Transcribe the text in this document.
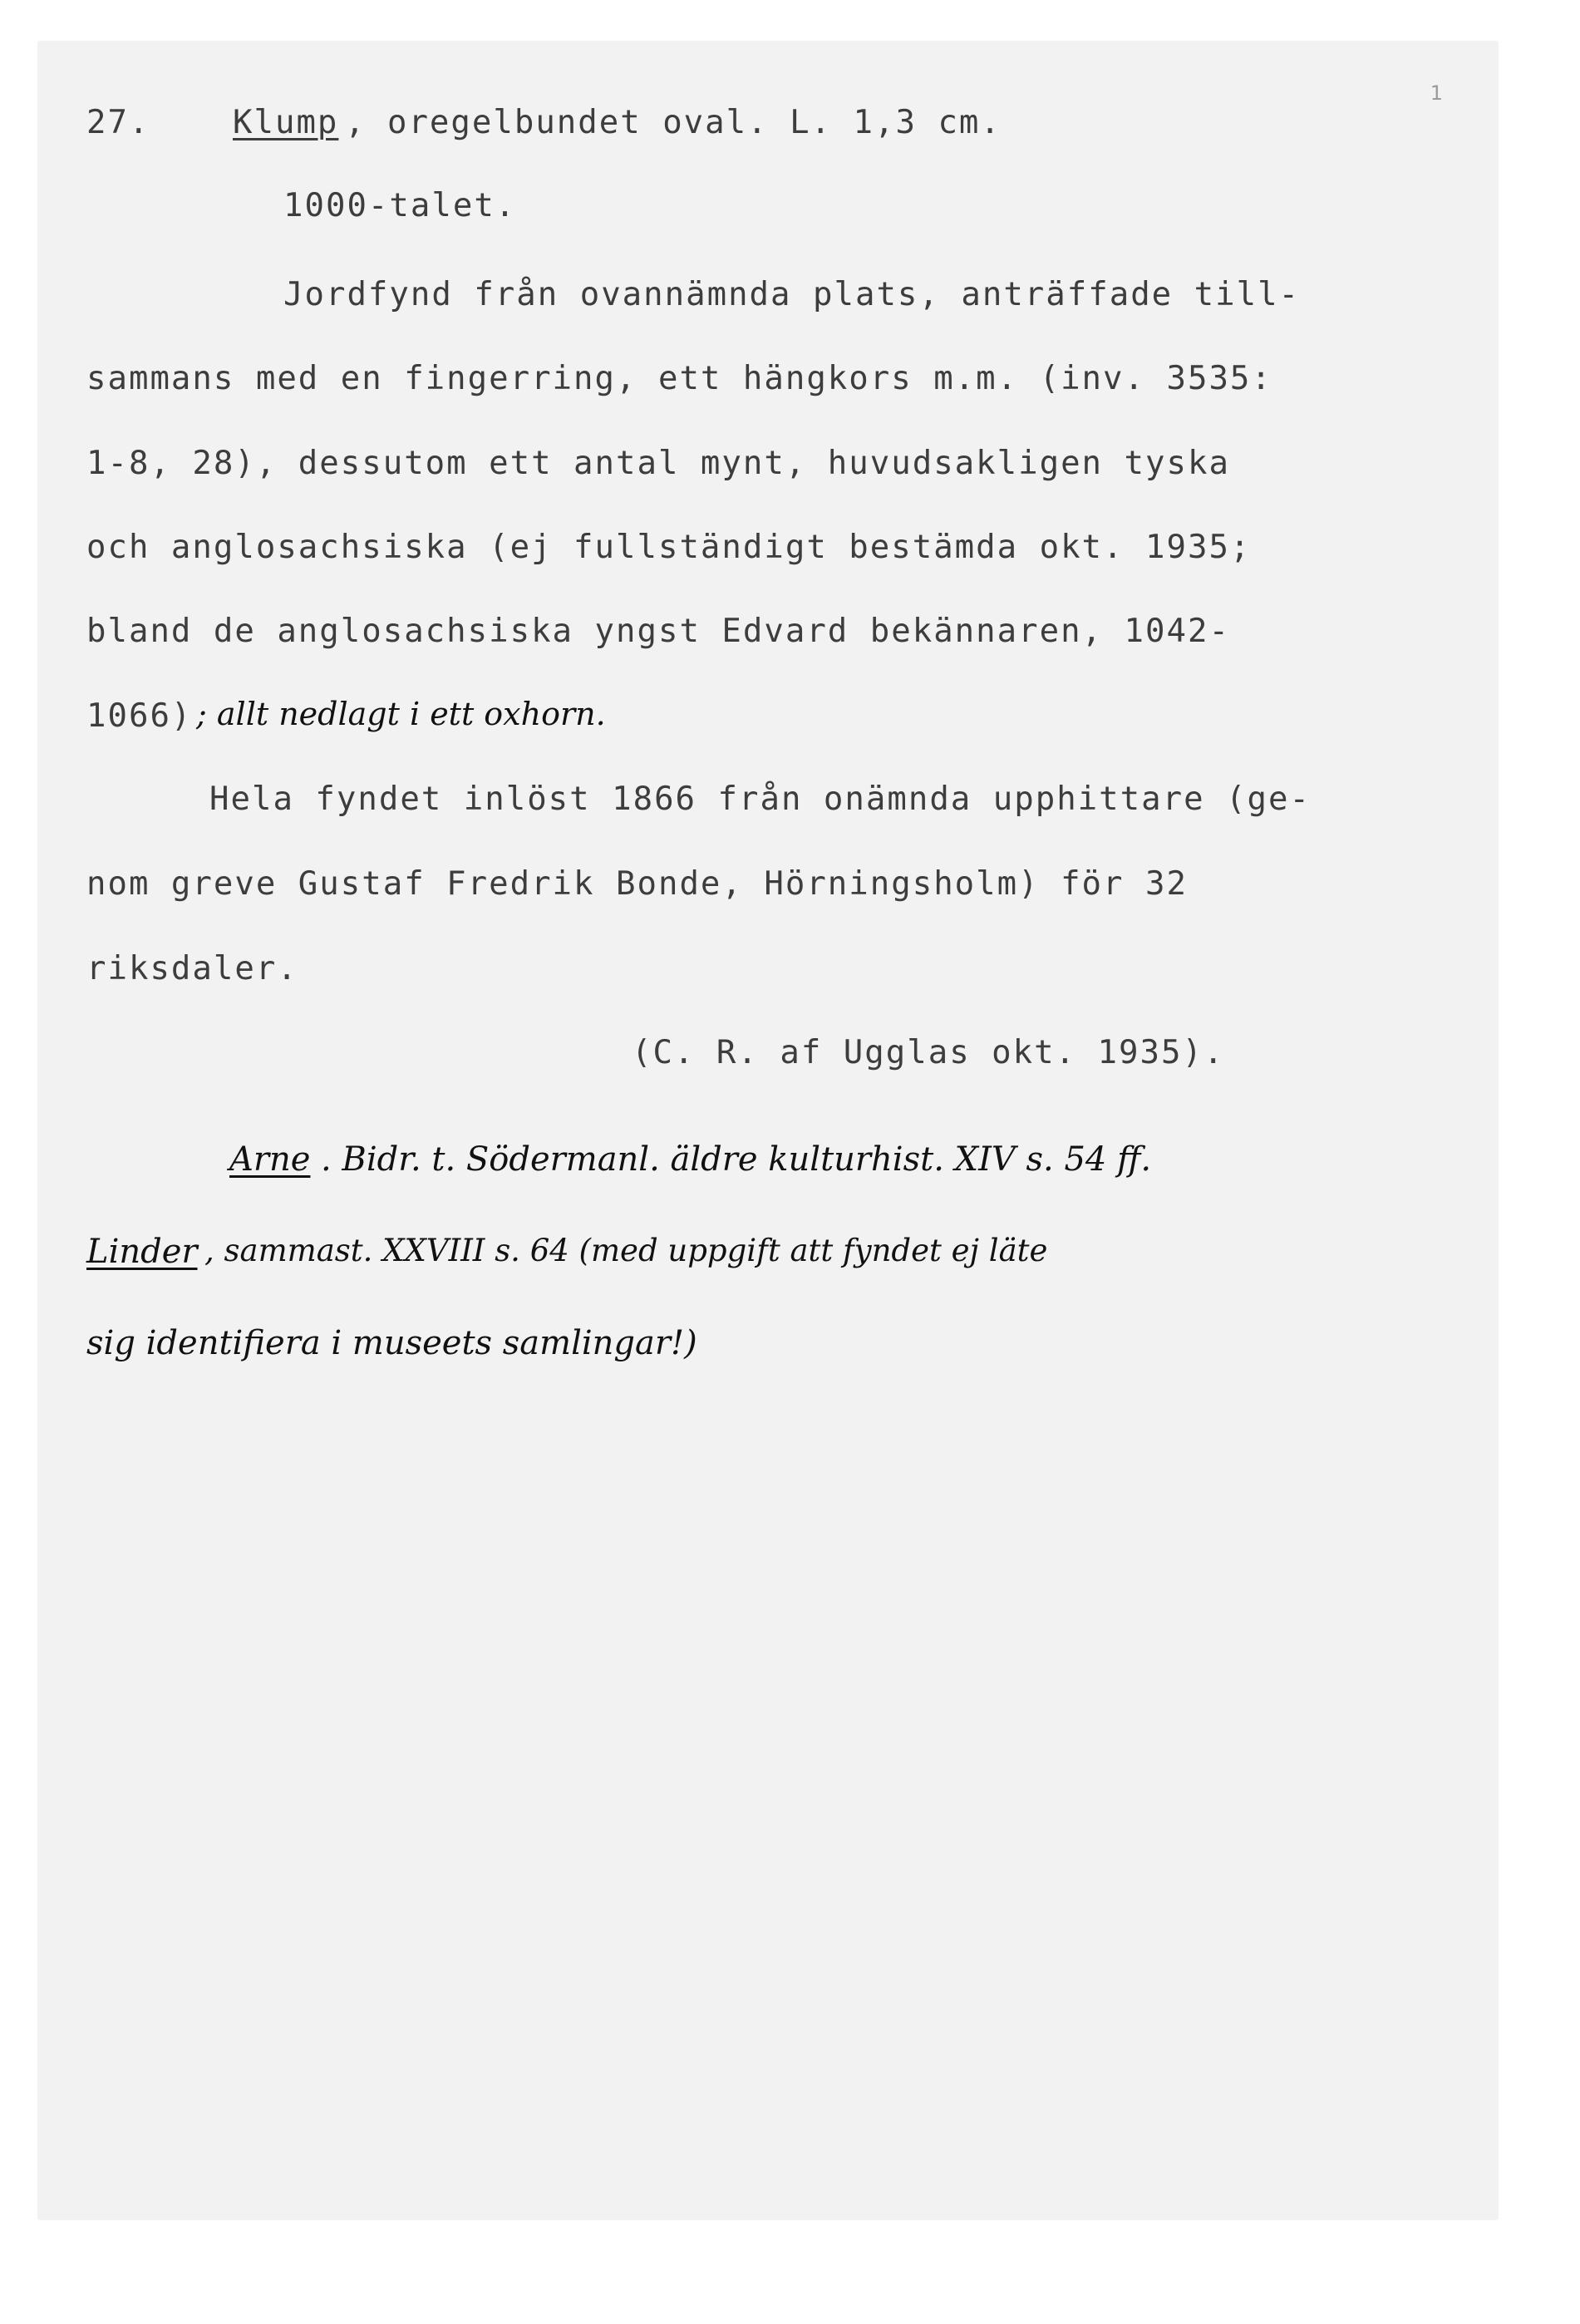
1
27.	Klump , oregelbundet oval. L. 1,3 cm.
1000-talet.
Jordfynd från ovannämnda plats, anträffade till-
sammans med en fingerring, ett hängkors m.m. (inv. 3535:
1-8, 28), dessutom ett antal mynt, huvudsakligen tyska
och anglosachsiska (ej fullständigt bestämda okt. 1935;
bland de anglosachsiska yngst Edvard bekännaren, 1042-
1066) ; allt nedlagt i ett oxhorn.
Hela fyndet inlöst 1866 från onämnda upphittare (ge-
nom greve Gustaf Fredrik Bonde, Hörningsholm) för 32
riksdaler.
(C. R. af Ugglas okt. 1935).
Arne . Bidr. t. Södermanl. äldre kulturhist. XIV s. 54 ff.
Linder , sammast. XXVIII s. 64 (med uppgift att fyndet ej läte
sig identifiera i museets samlingar!)
